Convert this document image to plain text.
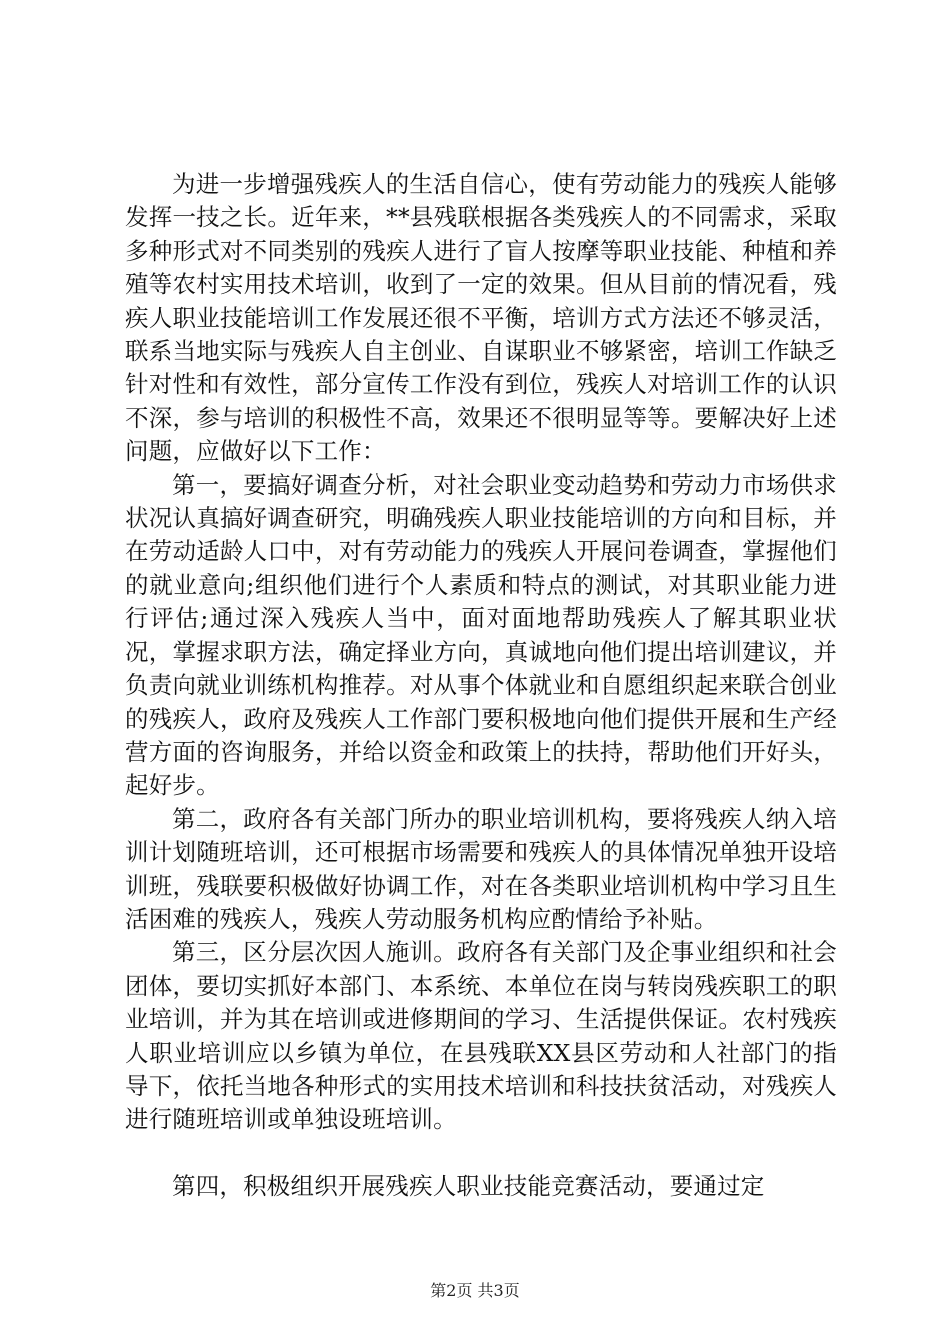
为进一步增强残疾人的生活自信心，使有劳动能力的残疾人能够发挥一技之长。近年来，**县残联根据各类残疾人的不同需求，采取多种形式对不同类别的残疾人进行了盲人按摩等职业技能、种植和养殖等农村实用技术培训，收到了一定的效果。但从目前的情况看，残疾人职业技能培训工作发展还很不平衡，培训方式方法还不够灵活，联系当地实际与残疾人自主创业、自谋职业不够紧密，培训工作缺乏针对性和有效性，部分宣传工作没有到位，残疾人对培训工作的认识不深，参与培训的积极性不高，效果还不很明显等等。要解决好上述问题，应做好以下工作：

第一，要搞好调查分析，对社会职业变动趋势和劳动力市场供求状况认真搞好调查研究，明确残疾人职业技能培训的方向和目标，并在劳动适龄人口中，对有劳动能力的残疾人开展问卷调查，掌握他们的就业意向;组织他们进行个人素质和特点的测试，对其职业能力进行评估;通过深入残疾人当中，面对面地帮助残疾人了解其职业状况，掌握求职方法，确定择业方向，真诚地向他们提出培训建议，并负责向就业训练机构推荐。对从事个体就业和自愿组织起来联合创业的残疾人，政府及残疾人工作部门要积极地向他们提供开展和生产经营方面的咨询服务，并给以资金和政策上的扶持，帮助他们开好头，起好步。

第二，政府各有关部门所办的职业培训机构，要将残疾人纳入培训计划随班培训，还可根据市场需要和残疾人的具体情况单独开设培训班，残联要积极做好协调工作，对在各类职业培训机构中学习且生活困难的残疾人，残疾人劳动服务机构应酌情给予补贴。

第三，区分层次因人施训。政府各有关部门及企事业组织和社会团体，要切实抓好本部门、本系统、本单位在岗与转岗残疾职工的职业培训，并为其在培训或进修期间的学习、生活提供保证。农村残疾人职业培训应以乡镇为单位，在县残联XX县区劳动和人社部门的指导下，依托当地各种形式的实用技术培训和科技扶贫活动，对残疾人进行随班培训或单独设班培训。

第四，积极组织开展残疾人职业技能竞赛活动，要通过定

第2页 共3页
